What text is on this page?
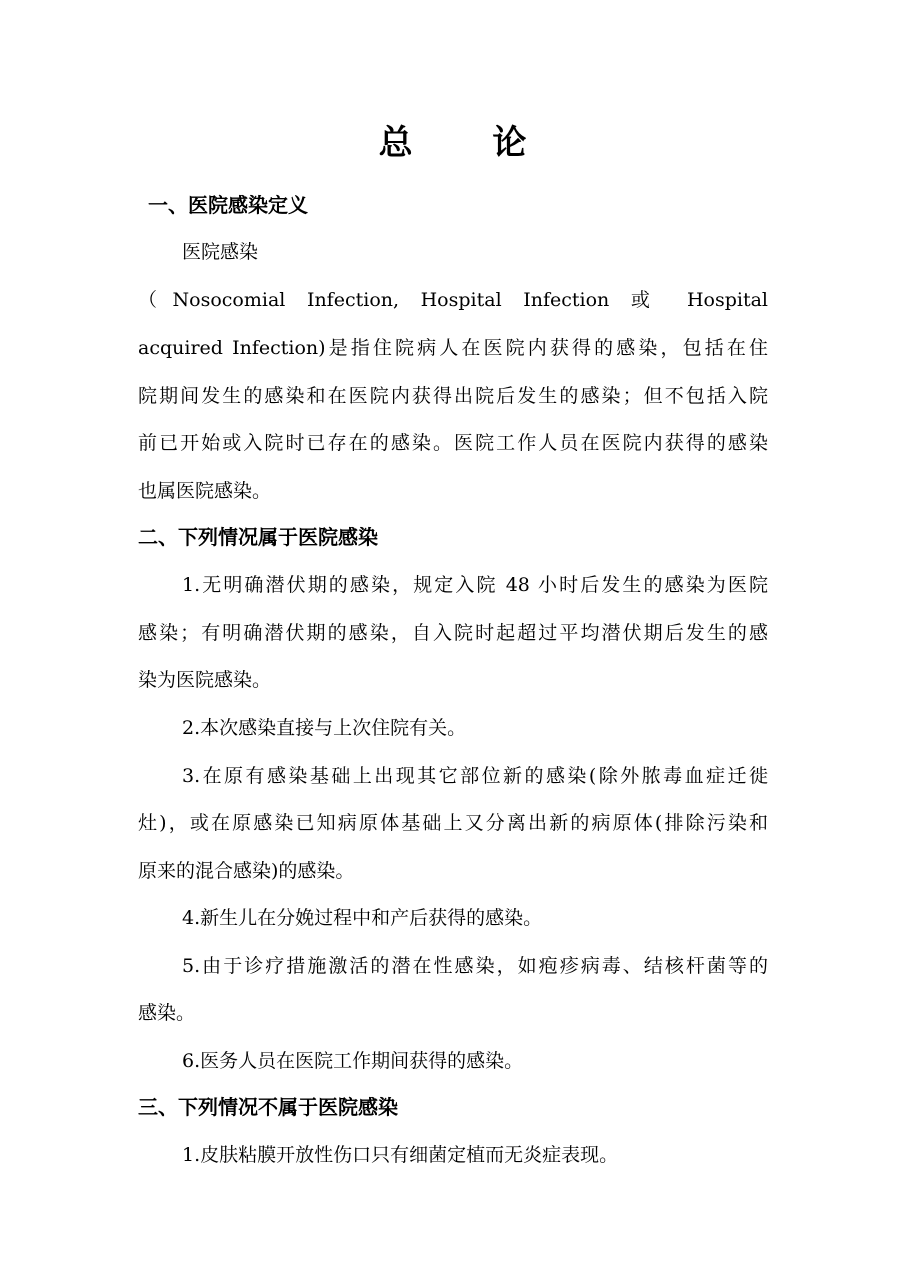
总 论
一、医院感染定义
医院感染
（Nosocomial Infection, Hospital Infection 或 Hospital
acquired Infection)是指住院病人在医院内获得的感染，包括在住
院期间发生的感染和在医院内获得出院后发生的感染；但不包括入院
前已开始或入院时已存在的感染。医院工作人员在医院内获得的感染
也属医院感染。
二、下列情况属于医院感染
1.无明确潜伏期的感染，规定入院 48 小时后发生的感染为医院
感染；有明确潜伏期的感染，自入院时起超过平均潜伏期后发生的感
染为医院感染。
2.本次感染直接与上次住院有关。
3.在原有感染基础上出现其它部位新的感染(除外脓毒血症迁徙
灶)，或在原感染已知病原体基础上又分离出新的病原体(排除污染和
原来的混合感染)的感染。
4.新生儿在分娩过程中和产后获得的感染。
5.由于诊疗措施激活的潜在性感染，如疱疹病毒、结核杆菌等的
感染。
6.医务人员在医院工作期间获得的感染。
三、下列情况不属于医院感染
1.皮肤粘膜开放性伤口只有细菌定植而无炎症表现。
